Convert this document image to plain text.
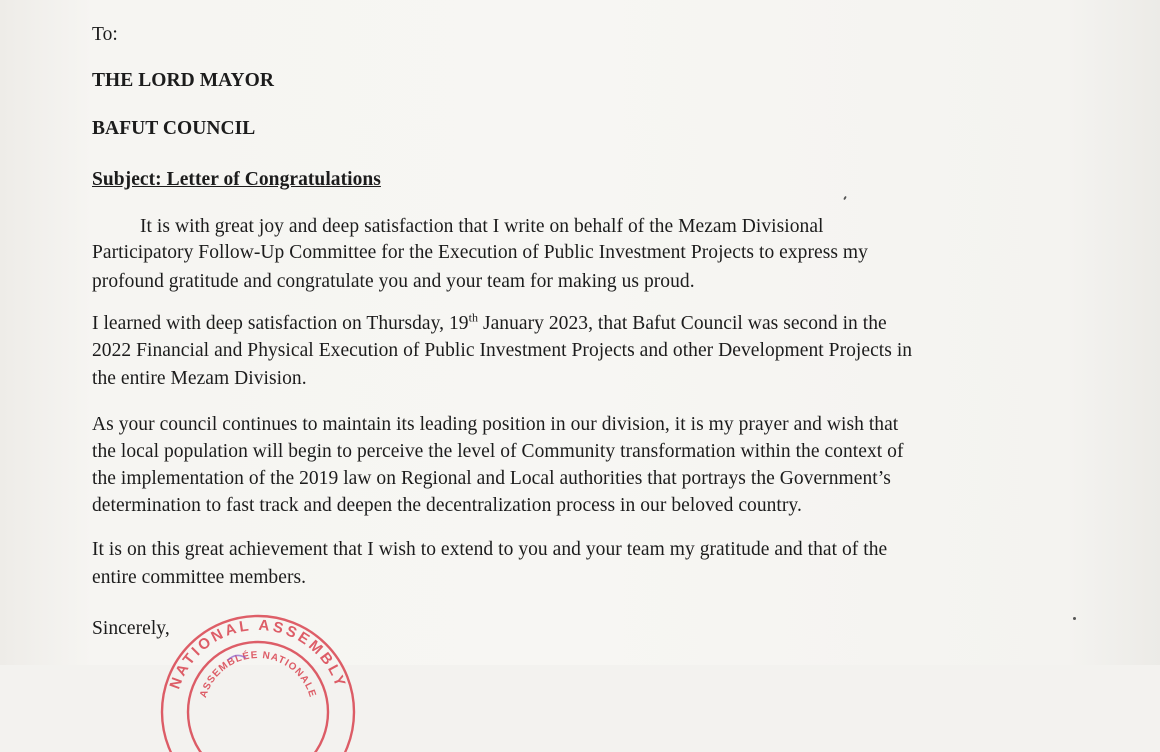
To:
THE LORD MAYOR
BAFUT COUNCIL
Subject: Letter of Congratulations
It is with great joy and deep satisfaction that I write on behalf of the Mezam Divisional
Participatory Follow-Up Committee for the Execution of Public Investment Projects to express my
profound gratitude and congratulate you and your team for making us proud.
I learned with deep satisfaction on Thursday, 19th January 2023, that Bafut Council was second in the
2022 Financial and Physical Execution of Public Investment Projects and other Development Projects in
the entire Mezam Division.
As your council continues to maintain its leading position in our division, it is my prayer and wish that
the local population will begin to perceive the level of Community transformation within the context of
the implementation of the 2019 law on Regional and Local authorities that portrays the Government’s
determination to fast track and deepen the decentralization process in our beloved country.
It is on this great achievement that I wish to extend to you and your team my gratitude and that of the
entire committee members.
Sincerely,
NATIONAL ASSEMBLY
ASSEMBLÉE NATIONALE
